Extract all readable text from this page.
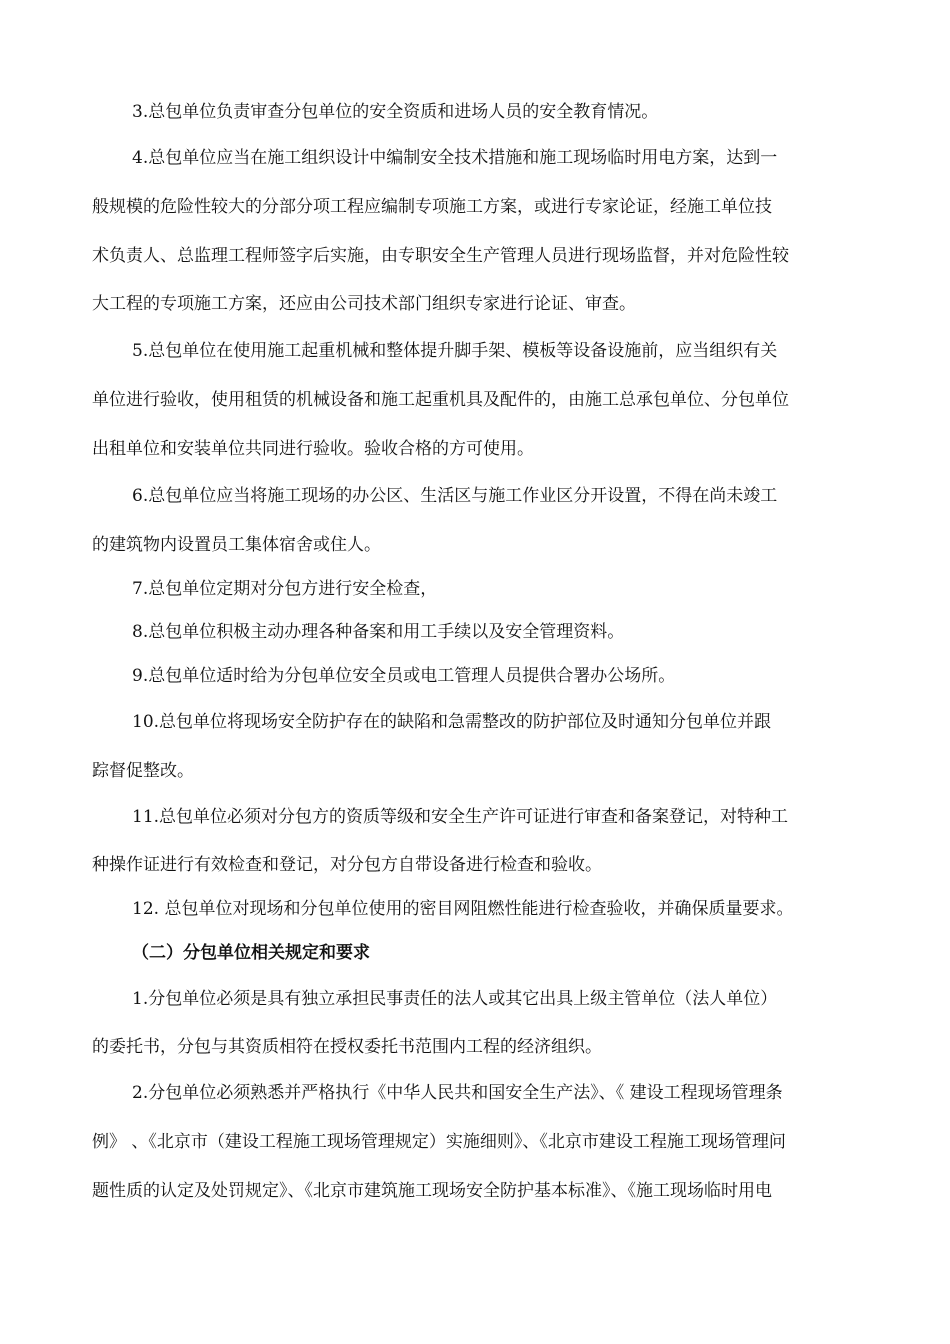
3.总包单位负责审查分包单位的安全资质和进场人员的安全教育情况。
4.总包单位应当在施工组织设计中编制安全技术措施和施工现场临时用电方案，达到一
般规模的危险性较大的分部分项工程应编制专项施工方案，或进行专家论证，经施工单位技
术负责人、总监理工程师签字后实施，由专职安全生产管理人员进行现场监督，并对危险性较
大工程的专项施工方案，还应由公司技术部门组织专家进行论证、审查。
5.总包单位在使用施工起重机械和整体提升脚手架、模板等设备设施前，应当组织有关
单位进行验收，使用租赁的机械设备和施工起重机具及配件的，由施工总承包单位、分包单位
出租单位和安装单位共同进行验收。验收合格的方可使用。
6.总包单位应当将施工现场的办公区、生活区与施工作业区分开设置，不得在尚未竣工
的建筑物内设置员工集体宿舍或住人。
7.总包单位定期对分包方进行安全检查，
8.总包单位积极主动办理各种备案和用工手续以及安全管理资料。
9.总包单位适时给为分包单位安全员或电工管理人员提供合署办公场所。
10.总包单位将现场安全防护存在的缺陷和急需整改的防护部位及时通知分包单位并跟
踪督促整改。
11.总包单位必须对分包方的资质等级和安全生产许可证进行审查和备案登记，对特种工
种操作证进行有效检查和登记，对分包方自带设备进行检查和验收。
12. 总包单位对现场和分包单位使用的密目网阻燃性能进行检查验收，并确保质量要求。
（二）分包单位相关规定和要求
1.分包单位必须是具有独立承担民事责任的法人或其它出具上级主管单位（法人单位）
的委托书，分包与其资质相符在授权委托书范围内工程的经济组织。
2.分包单位必须熟悉并严格执行《中华人民共和国安全生产法》、《 建设工程现场管理条
例》 、《北京市（建设工程施工现场管理规定）实施细则》、《北京市建设工程施工现场管理问
题性质的认定及处罚规定》、《北京市建筑施工现场安全防护基本标准》、《施工现场临时用电
